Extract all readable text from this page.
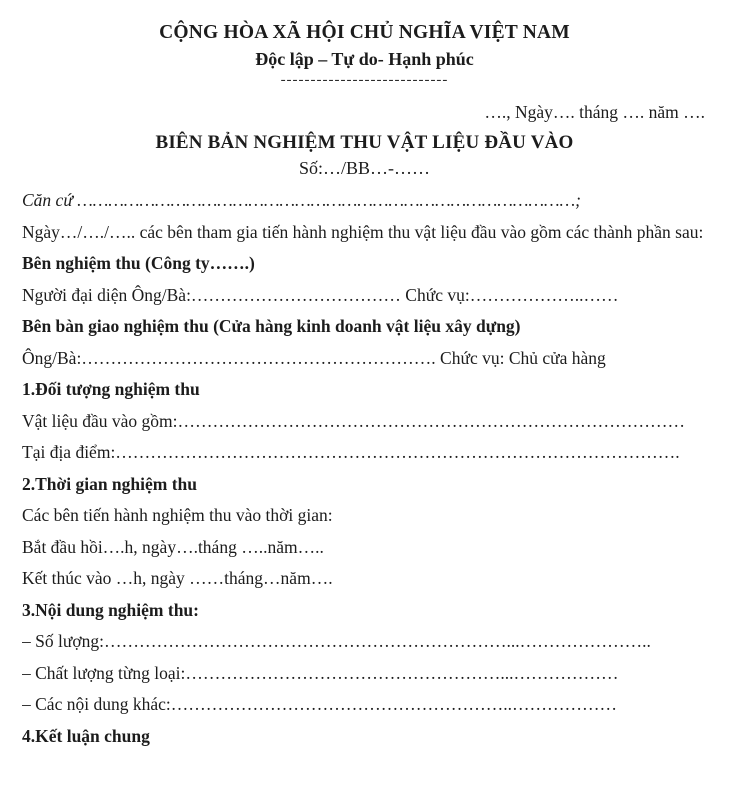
CỘNG HÒA XÃ HỘI CHỦ NGHĨA VIỆT NAM
Độc lập – Tự do- Hạnh phúc
----------------------------
…., Ngày…. tháng …. năm ….
BIÊN BẢN NGHIỆM THU VẬT LIỆU ĐẦU VÀO
Số:…/BB…-……

Căn cứ ……………………………………………………………………………………;

Ngày…/…./….. các bên tham gia tiến hành nghiệm thu vật liệu đầu vào gồm các thành phần sau:

Bên nghiệm thu (Công ty…….)

Người đại diện Ông/Bà:……………………………… Chức vụ:………………..……

Bên bàn giao nghiệm thu (Cửa hàng kinh doanh vật liệu xây dựng)

Ông/Bà:……………………………………………………. Chức vụ: Chủ cửa hàng

1.Đối tượng nghiệm thu

Vật liệu đầu vào gồm:……………………………………………………………………………

Tại địa điểm:…………………………………………………………………………………….

2.Thời gian nghiệm thu

Các bên tiến hành nghiệm thu vào thời gian:

Bắt đầu hồi….h, ngày….tháng …..năm…..

Kết thúc vào …h, ngày ……tháng…năm….

3.Nội dung nghiệm thu:

– Số lượng:……………………………………………………………...…………………..

– Chất lượng từng loại:………………………………………………...………………

– Các nội dung khác:…………………………………………………..………………

4.Kết luận chung
